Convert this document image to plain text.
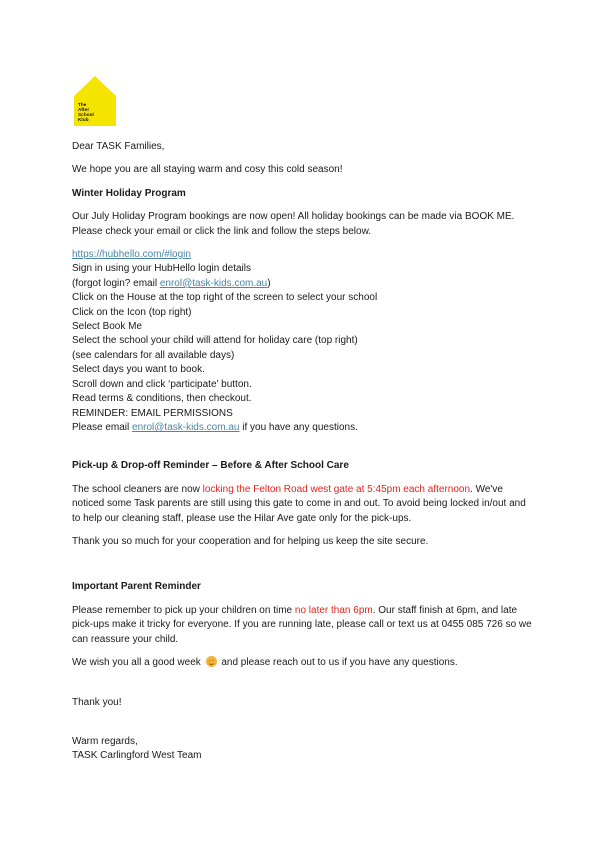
The
After
School
Klub

Dear TASK Families,

We hope you are all staying warm and cosy this cold season!

Winter Holiday Program

Our July Holiday Program bookings are now open! All holiday bookings can be made via BOOK ME. Please check your email or click the link and follow the steps below.

https://hubhello.com/#login

Sign in using your HubHello login details

(forgot login? email enrol@task-kids.com.au)

Click on the House at the top right of the screen to select your school

Click on the Icon (top right)

Select Book Me

Select the school your child will attend for holiday care (top right)

(see calendars for all available days)

Select days you want to book.

Scroll down and click ‘participate’ button.

Read terms & conditions, then checkout.

REMINDER: EMAIL PERMISSIONS

Please email enrol@task-kids.com.au if you have any questions.

Pick-up & Drop-off Reminder – Before & After School Care

The school cleaners are now locking the Felton Road west gate at 5:45pm each afternoon. We've noticed some Task parents are still using this gate to come in and out. To avoid being locked in/out and to help our cleaning staff, please use the Hilar Ave gate only for the pick-ups.

Thank you so much for your cooperation and for helping us keep the site secure.

Important Parent Reminder

Please remember to pick up your children on time no later than 6pm. Our staff finish at 6pm, and late pick-ups make it tricky for everyone. If you are running late, please call or text us at 0455 085 726 so we can reassure your child.

We wish you all a good week  and please reach out to us if you have any questions.

Thank you!

Warm regards,

TASK Carlingford West Team
